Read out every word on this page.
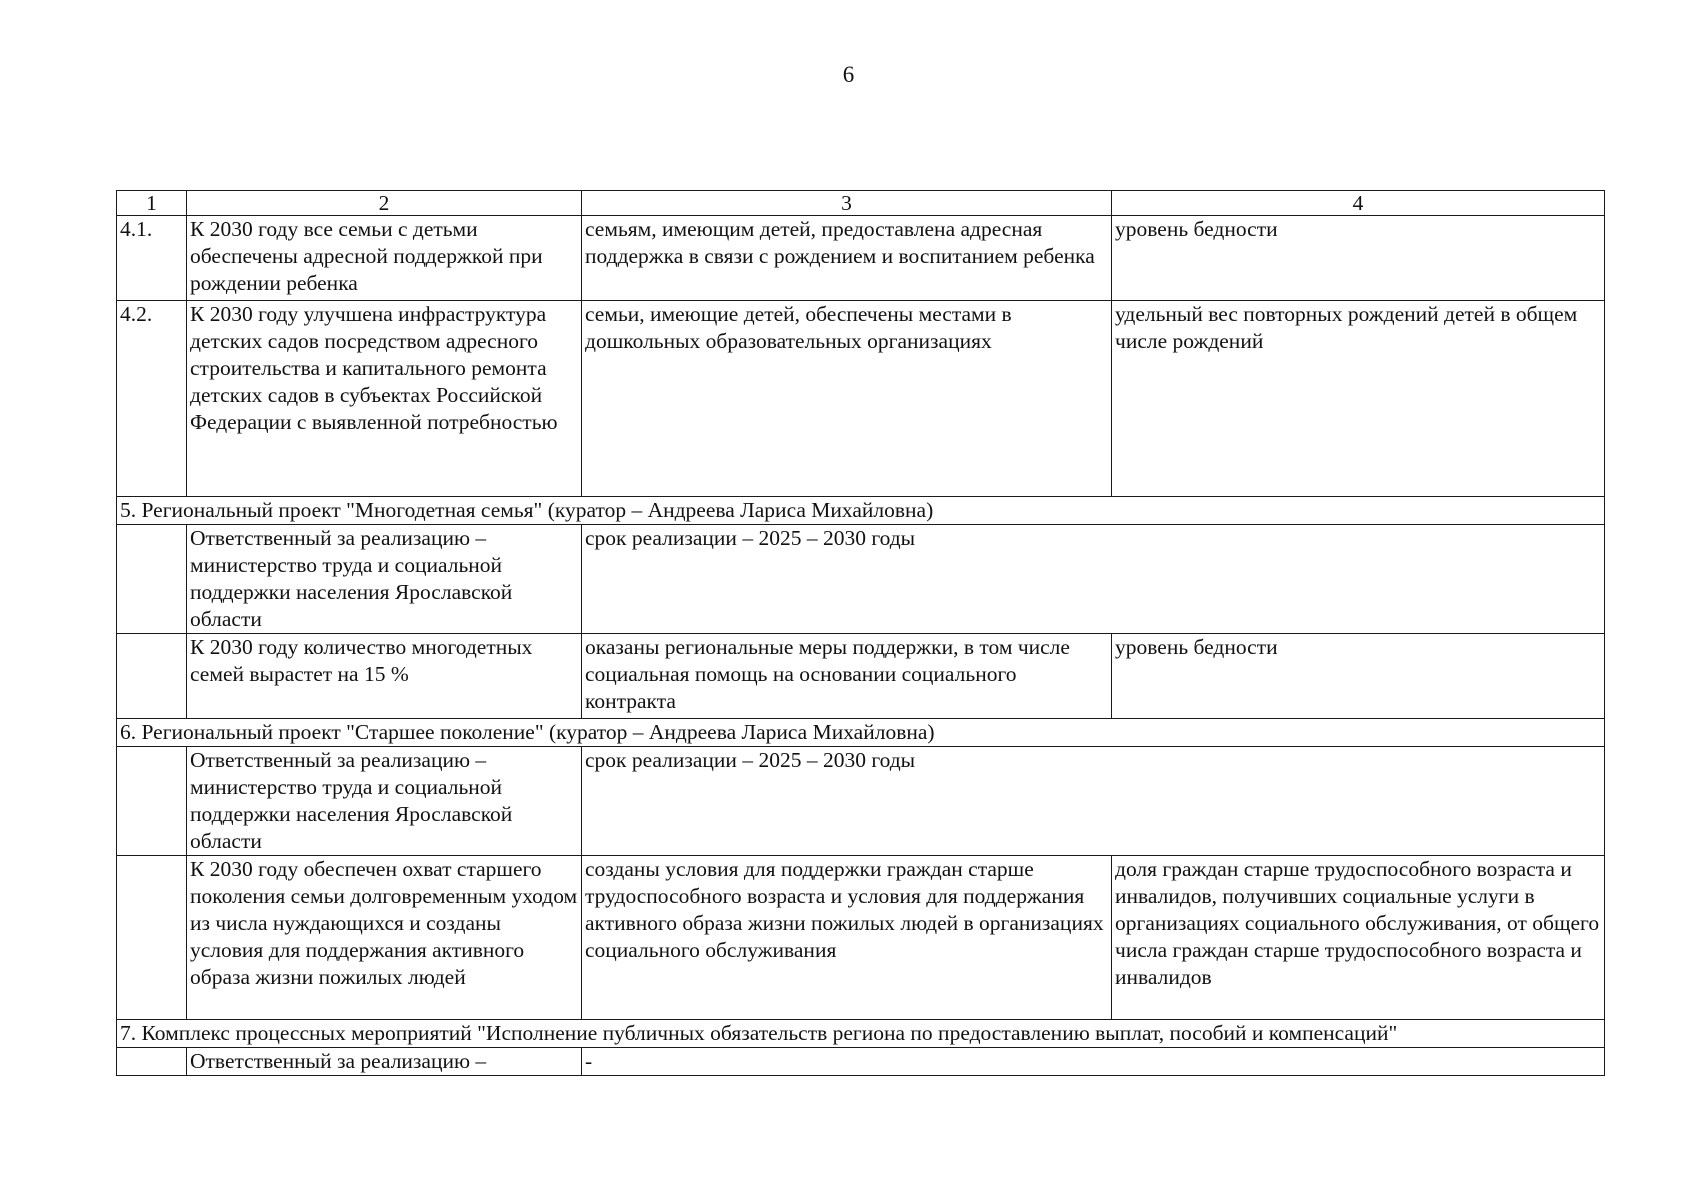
6
1	2	3	4
4.1.	К 2030 году все семьи с детьми обеспечены адресной поддержкой при рождении ребенка	семьям, имеющим детей, предоставлена адресная поддержка в связи с рождением и воспитанием ребенка	уровень бедности
4.2.	К 2030 году улучшена инфраструктура детских садов посредством адресного строительства и капитального ремонта детских садов в субъектах Российской Федерации с выявленной потребностью	семьи, имеющие детей, обеспечены местами в дошкольных образовательных организациях	удельный вес повторных рождений детей в общем числе рождений
5. Региональный проект "Многодетная семья" (куратор – Андреева Лариса Михайловна)			
	Ответственный за реализацию – министерство труда и социальной поддержки населения Ярославской области	срок реализации – 2025 – 2030 годы	
	К 2030 году количество многодетных семей вырастет на 15 %	оказаны региональные меры поддержки, в том числе социальная помощь на основании социального контракта	уровень бедности
6. Региональный проект "Старшее поколение" (куратор – Андреева Лариса Михайловна)			
	Ответственный за реализацию – министерство труда и социальной поддержки населения Ярославской области	срок реализации – 2025 – 2030 годы	
	К 2030 году обеспечен охват старшего поколения семьи долговременным уходом из числа нуждающихся и созданы условия для поддержания активного образа жизни пожилых людей	созданы условия для поддержки граждан старше трудоспособного возраста и условия для поддержания активного образа жизни пожилых людей в организациях социального обслуживания	доля граждан старше трудоспособного возраста и инвалидов, получивших социальные услуги в организациях социального обслуживания, от общего числа граждан старше трудоспособного возраста и инвалидов
7. Комплекс процессных мероприятий "Исполнение публичных обязательств региона по предоставлению выплат, пособий и компенсаций"			
	Ответственный за реализацию –	-	
